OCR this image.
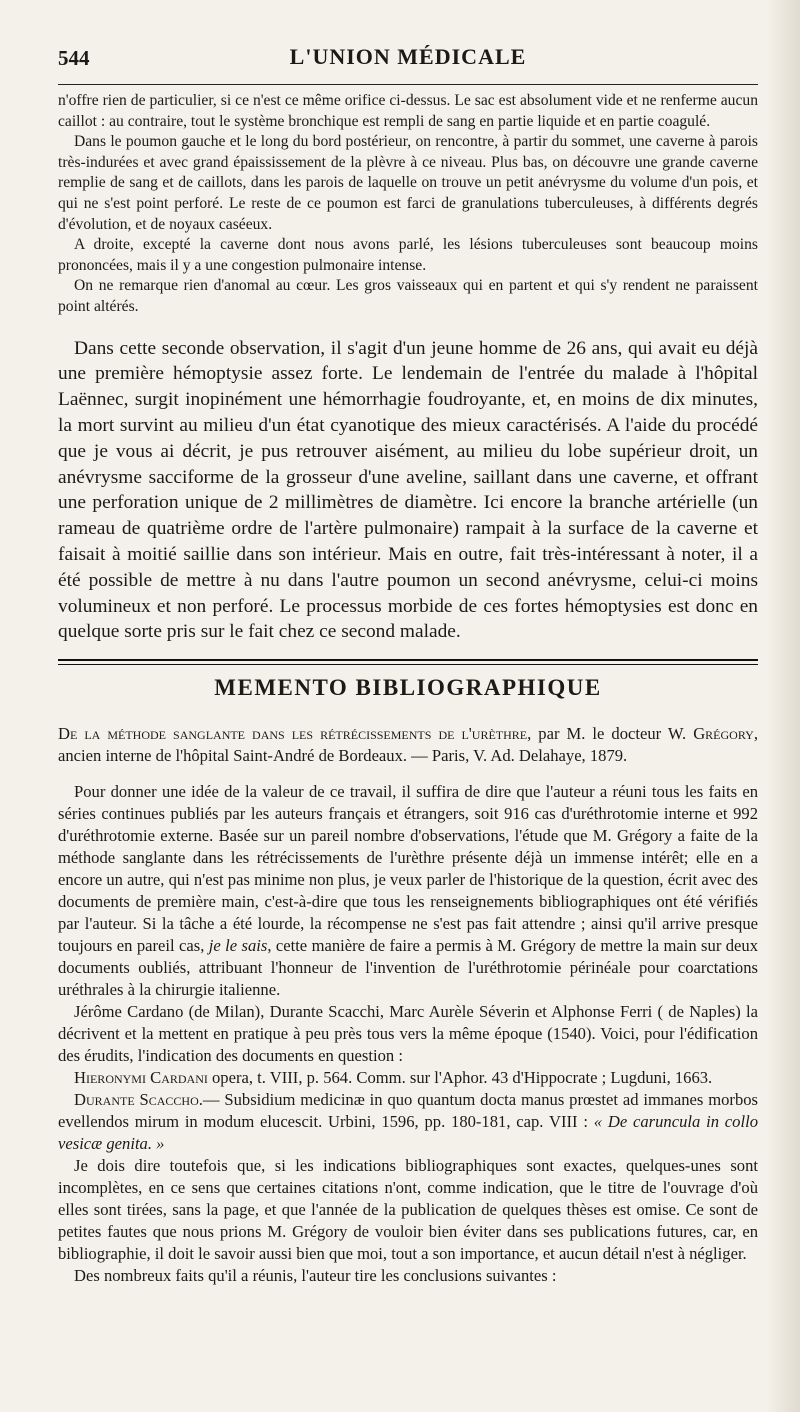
544	L'UNION MÉDICALE

n'offre rien de particulier, si ce n'est ce même orifice ci-dessus. Le sac est absolument vide et ne renferme aucun caillot : au contraire, tout le système bronchique est rempli de sang en partie liquide et en partie coagulé.

Dans le poumon gauche et le long du bord postérieur, on rencontre, à partir du sommet, une caverne à parois très-indurées et avec grand épaississement de la plèvre à ce niveau. Plus bas, on découvre une grande caverne remplie de sang et de caillots, dans les parois de laquelle on trouve un petit anévrysme du volume d'un pois, et qui ne s'est point perforé. Le reste de ce poumon est farci de granulations tuberculeuses, à différents degrés d'évolution, et de noyaux caséeux.

A droite, excepté la caverne dont nous avons parlé, les lésions tuberculeuses sont beaucoup moins prononcées, mais il y a une congestion pulmonaire intense.

On ne remarque rien d'anomal au cœur. Les gros vaisseaux qui en partent et qui s'y rendent ne paraissent point altérés.

Dans cette seconde observation, il s'agit d'un jeune homme de 26 ans, qui avait eu déjà une première hémoptysie assez forte. Le lendemain de l'entrée du malade à l'hôpital Laënnec, surgit inopinément une hémorrhagie foudroyante, et, en moins de dix minutes, la mort survint au milieu d'un état cyanotique des mieux caractérisés. A l'aide du procédé que je vous ai décrit, je pus retrouver aisément, au milieu du lobe supérieur droit, un anévrysme sacciforme de la grosseur d'une aveline, saillant dans une caverne, et offrant une perforation unique de 2 millimètres de diamètre. Ici encore la branche artérielle (un rameau de quatrième ordre de l'artère pulmonaire) rampait à la surface de la caverne et faisait à moitié saillie dans son intérieur. Mais en outre, fait très-intéressant à noter, il a été possible de mettre à nu dans l'autre poumon un second anévrysme, celui-ci moins volumineux et non perforé. Le processus morbide de ces fortes hémoptysies est donc en quelque sorte pris sur le fait chez ce second malade.

MEMENTO BIBLIOGRAPHIQUE

De la méthode sanglante dans les rétrécissements de l'urèthre, par M. le docteur W. Grégory, ancien interne de l'hôpital Saint-André de Bordeaux. — Paris, V. Ad. Delahaye, 1879.

Pour donner une idée de la valeur de ce travail, il suffira de dire que l'auteur a réuni tous les faits en séries continues publiés par les auteurs français et étrangers, soit 916 cas d'uréthrotomie interne et 992 d'uréthrotomie externe. Basée sur un pareil nombre d'observations, l'étude que M. Grégory a faite de la méthode sanglante dans les rétrécissements de l'urèthre présente déjà un immense intérêt; elle en a encore un autre, qui n'est pas minime non plus, je veux parler de l'historique de la question, écrit avec des documents de première main, c'est-à-dire que tous les renseignements bibliographiques ont été vérifiés par l'auteur. Si la tâche a été lourde, la récompense ne s'est pas fait attendre ; ainsi qu'il arrive presque toujours en pareil cas, je le sais, cette manière de faire a permis à M. Grégory de mettre la main sur deux documents oubliés, attribuant l'honneur de l'invention de l'uréthrotomie périnéale pour coarctations uréthrales à la chirurgie italienne.

Jérôme Cardano (de Milan), Durante Scacchi, Marc Aurèle Séverin et Alphonse Ferri ( de Naples) la décrivent et la mettent en pratique à peu près tous vers la même époque (1540). Voici, pour l'édification des érudits, l'indication des documents en question :

Hieronymi Cardani opera, t. VIII, p. 564. Comm. sur l'Aphor. 43 d'Hippocrate ; Lugduni, 1663.

Durante Scaccho.— Subsidium medicinæ in quo quantum docta manus prœstet ad immanes morbos evellendos mirum in modum elucescit. Urbini, 1596, pp. 180-181, cap. VIII : « De caruncula in collo vesicæ genita. »

Je dois dire toutefois que, si les indications bibliographiques sont exactes, quelques-unes sont incomplètes, en ce sens que certaines citations n'ont, comme indication, que le titre de l'ouvrage d'où elles sont tirées, sans la page, et que l'année de la publication de quelques thèses est omise. Ce sont de petites fautes que nous prions M. Grégory de vouloir bien éviter dans ses publications futures, car, en bibliographie, il doit le savoir aussi bien que moi, tout a son importance, et aucun détail n'est à négliger.

Des nombreux faits qu'il a réunis, l'auteur tire les conclusions suivantes :
